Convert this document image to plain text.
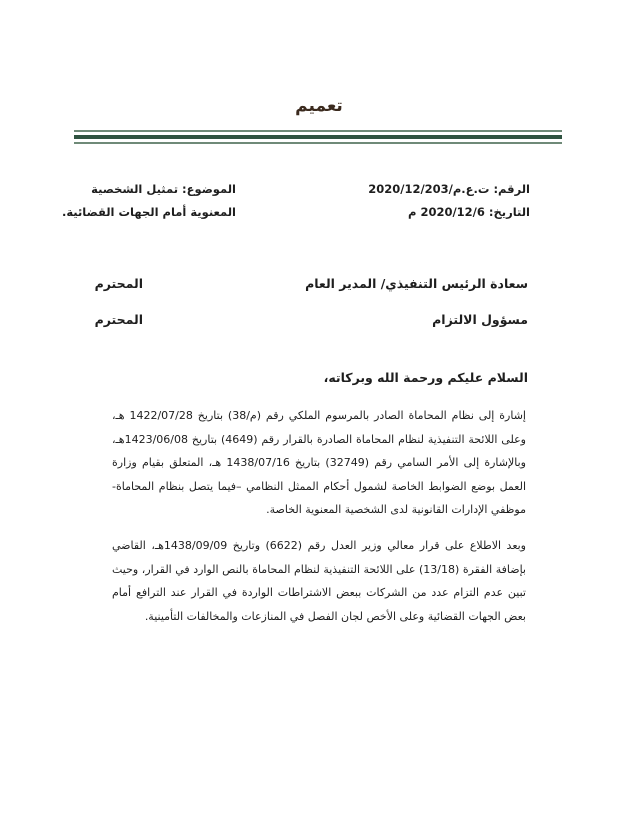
تعميم
الرقم: ت.ع.م/2020/12/203
التاريخ: 2020/12/6 م
الموضوع: تمثيل الشخصية
المعنوية أمام الجهات القضائية.
سعادة الرئيس التنفيذي/ المدير العام
المحترم
مسؤول الالتزام
المحترم
السلام عليكم ورحمة الله وبركاته،
إشارة إلى نظام المحاماة الصادر بالمرسوم الملكي رقم (م/38) بتاريخ 1422/07/28 هـ، وعلى اللائحة التنفيذية لنظام المحاماة الصادرة بالقرار رقم (4649) بتاريخ 1423/06/08هـ، وبالإشارة إلى الأمر السامي رقم (32749) بتاريخ 1438/07/16 هـ، المتعلق بقيام وزارة العمل بوضع الضوابط الخاصة لشمول أحكام الممثل النظامي –فيما يتصل بنظام المحاماة- موظفي الإدارات القانونية لدى الشخصية المعنوية الخاصة.
وبعد الاطلاع على قرار معالي وزير العدل رقم (6622) وتاريخ 1438/09/09هـ، القاضي بإضافة الفقرة (13/18) على اللائحة التنفيذية لنظام المحاماة بالنص الوارد في القرار، وحيث تبين عدم التزام عدد من الشركات ببعض الاشتراطات الواردة في القرار عند الترافع أمام بعض الجهات القضائية وعلى الأخص لجان الفصل في المنازعات والمخالفات التأمينية.
